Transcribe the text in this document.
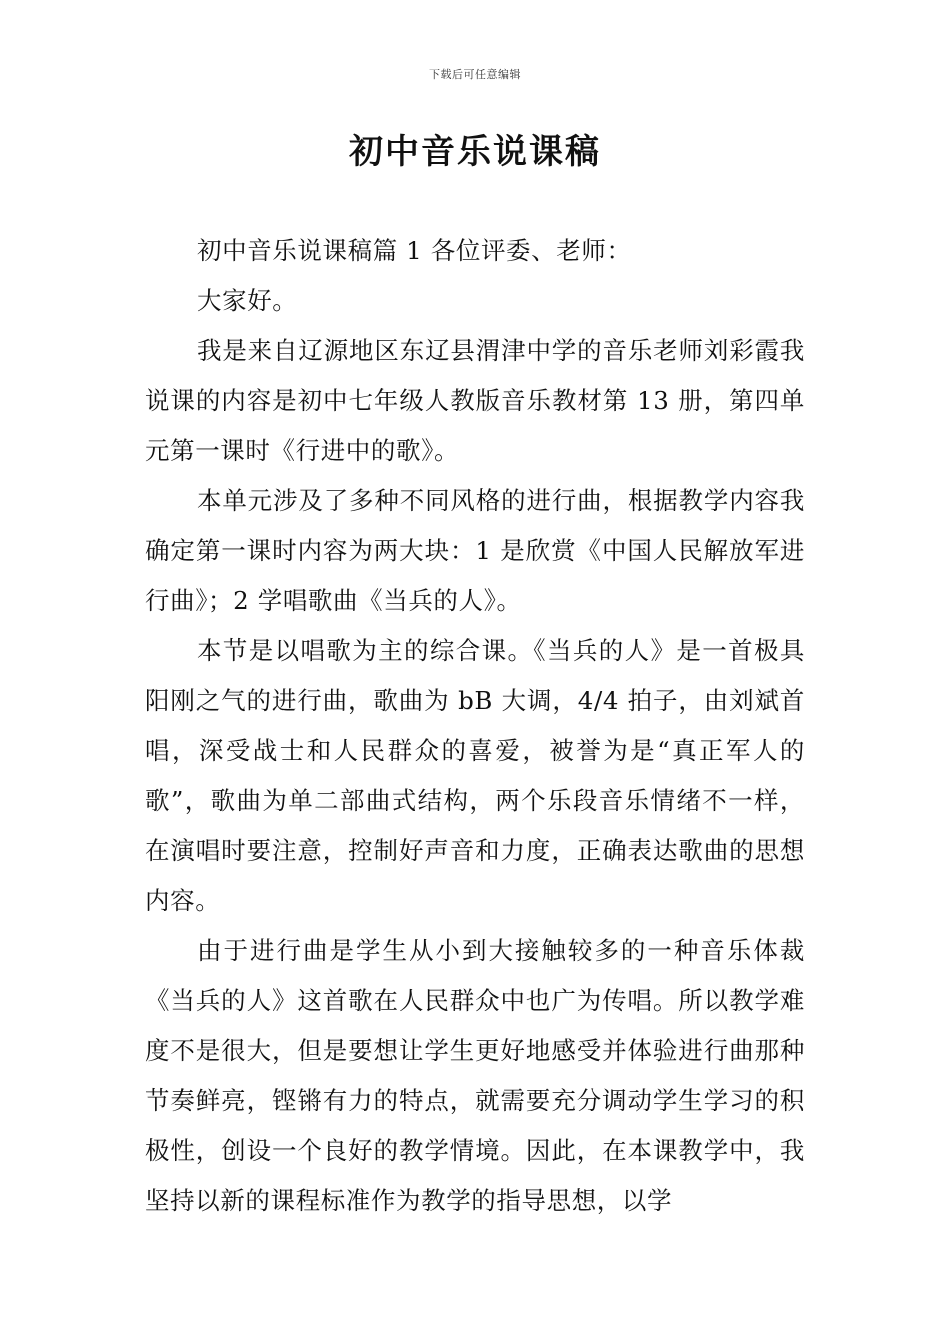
下载后可任意编辑
初中音乐说课稿

初中音乐说课稿篇 1 各位评委、老师：

大家好。

我是来自辽源地区东辽县渭津中学的音乐老师刘彩霞我说课的内容是初中七年级人教版音乐教材第 13 册，第四单元第一课时《行进中的歌》。

本单元涉及了多种不同风格的进行曲，根据教学内容我确定第一课时内容为两大块：1 是欣赏《中国人民解放军进行曲》；2 学唱歌曲《当兵的人》。

本节是以唱歌为主的综合课。《当兵的人》是一首极具阳刚之气的进行曲，歌曲为 bB 大调，4/4 拍子，由刘斌首唱，深受战士和人民群众的喜爱，被誉为是“真正军人的歌”，歌曲为单二部曲式结构，两个乐段音乐情绪不一样，在演唱时要注意，控制好声音和力度，正确表达歌曲的思想内容。

由于进行曲是学生从小到大接触较多的一种音乐体裁《当兵的人》这首歌在人民群众中也广为传唱。所以教学难度不是很大，但是要想让学生更好地感受并体验进行曲那种节奏鲜亮，铿锵有力的特点，就需要充分调动学生学习的积极性，创设一个良好的教学情境。因此，在本课教学中，我坚持以新的课程标准作为教学的指导思想，以学
